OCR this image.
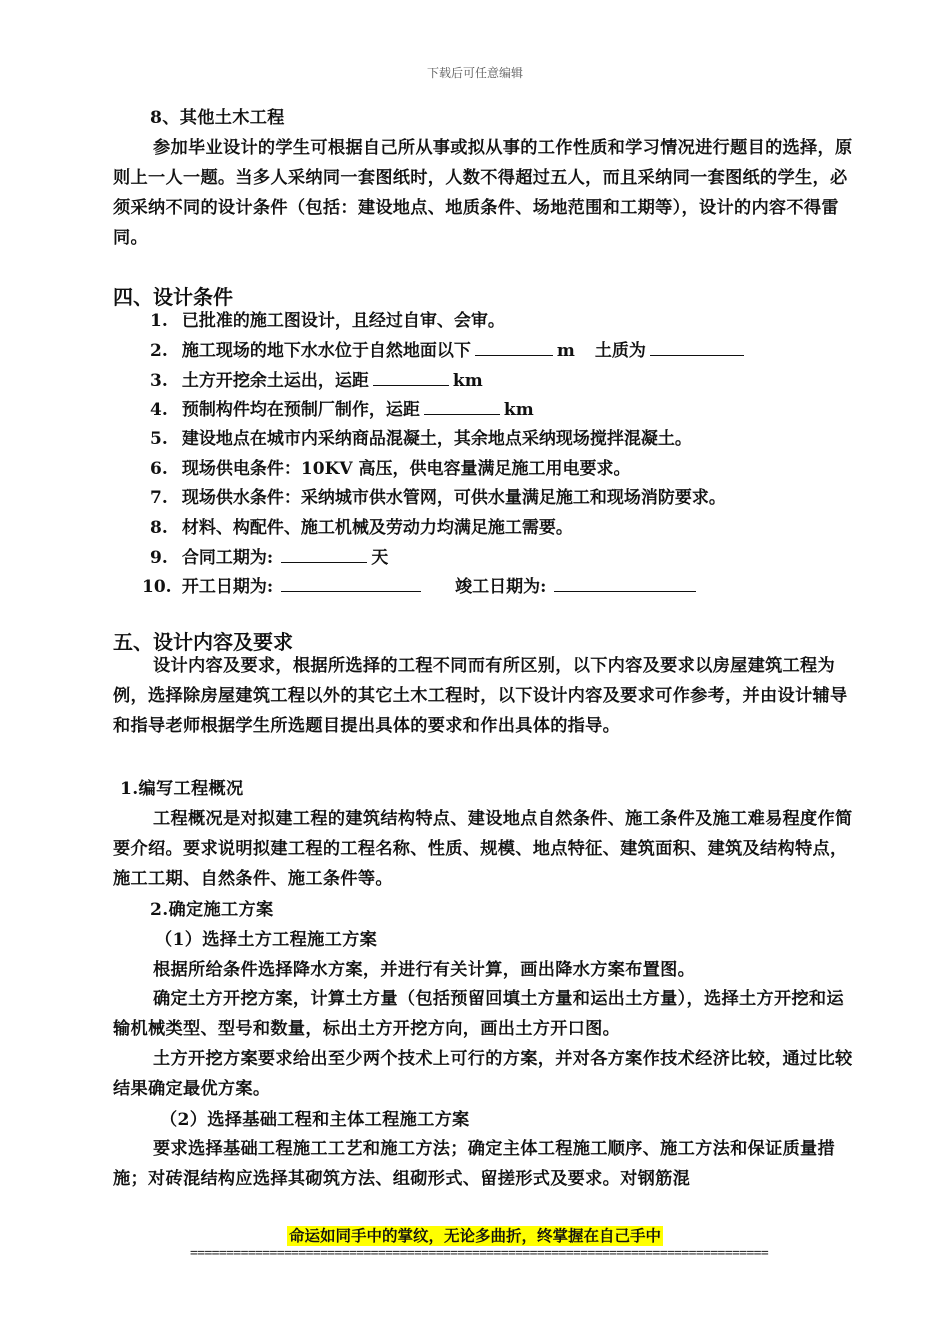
下载后可任意编辑
8、其他土木工程
参加毕业设计的学生可根据自己所从事或拟从事的工作性质和学习情况进行题目的选择，原则上一人一题。当多人采纳同一套图纸时，人数不得超过五人，而且采纳同一套图纸的学生，必须采纳不同的设计条件（包括：建设地点、地质条件、场地范围和工期等），设计的内容不得雷同。
四、设计条件
1. 已批准的施工图设计，且经过自审、会审。
2. 施工现场的地下水水位于自然地面以下	m 土质为
3. 土方开挖余土运出，运距	km
4. 预制构件均在预制厂制作，运距	km
5. 建设地点在城市内采纳商品混凝土，其余地点采纳现场搅拌混凝土。
6. 现场供电条件：10KV 高压，供电容量满足施工用电要求。
7. 现场供水条件：采纳城市供水管网，可供水量满足施工和现场消防要求。
8. 材料、构配件、施工机械及劳动力均满足施工需要。
9. 合同工期为:	天
10. 开工日期为:	竣工日期为:
五、设计内容及要求
设计内容及要求，根据所选择的工程不同而有所区别，以下内容及要求以房屋建筑工程为例，选择除房屋建筑工程以外的其它土木工程时，以下设计内容及要求可作参考，并由设计辅导和指导老师根据学生所选题目提出具体的要求和作出具体的指导。
1.编写工程概况
工程概况是对拟建工程的建筑结构特点、建设地点自然条件、施工条件及施工难易程度作简要介绍。要求说明拟建工程的工程名称、性质、规模、地点特征、建筑面积、建筑及结构特点，施工工期、自然条件、施工条件等。
2.确定施工方案
（1）选择土方工程施工方案
根据所给条件选择降水方案，并进行有关计算，画出降水方案布置图。
确定土方开挖方案，计算土方量（包括预留回填土方量和运出土方量），选择土方开挖和运输机械类型、型号和数量，标出土方开挖方向，画出土方开口图。
土方开挖方案要求给出至少两个技术上可行的方案，并对各方案作技术经济比较，通过比较结果确定最优方案。
（2）选择基础工程和主体工程施工方案
要求选择基础工程施工工艺和施工方法；确定主体工程施工顺序、施工方法和保证质量措施；对砖混结构应选择其砌筑方法、组砌形式、留搓形式及要求。对钢筋混
命运如同手中的掌纹，无论多曲折，终掌握在自己手中
================================================================================
